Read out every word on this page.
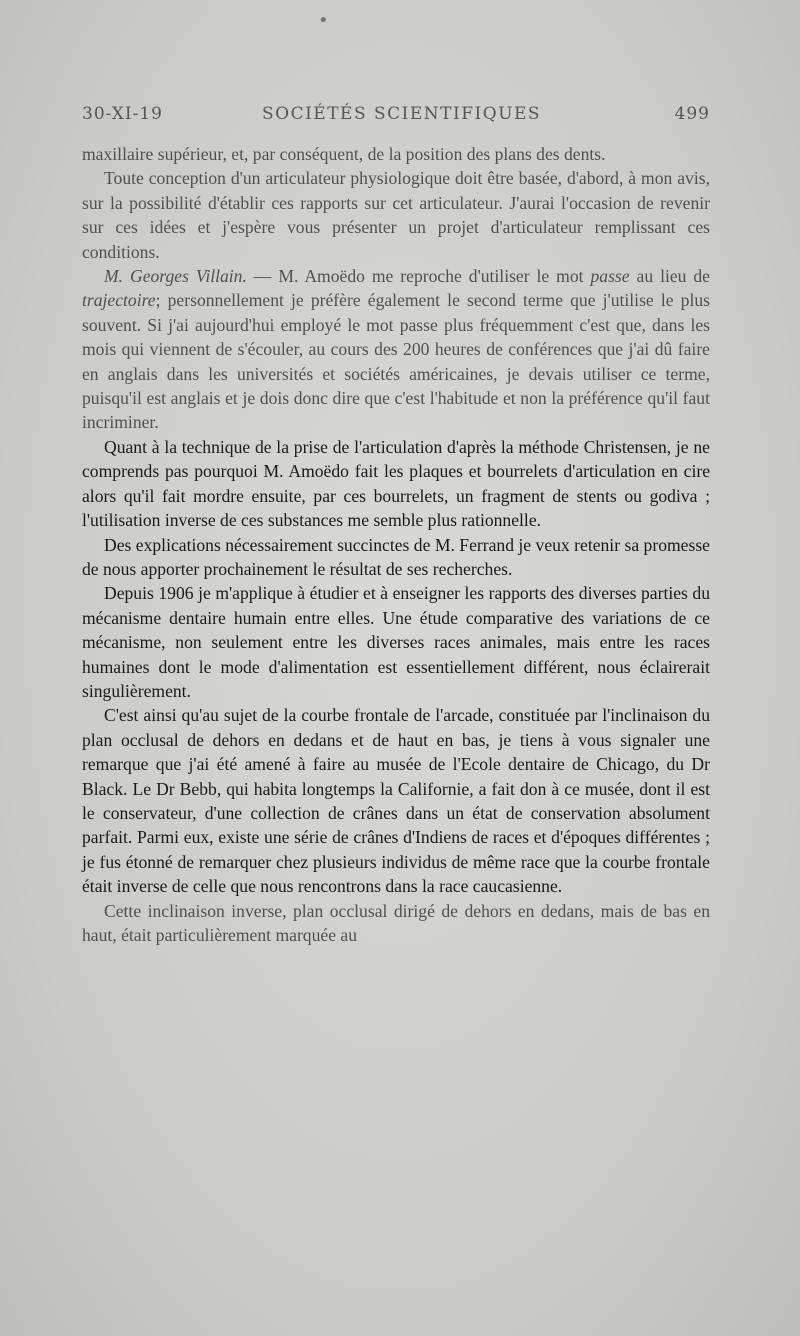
•
30-XI-19	SOCIÉTÉS SCIENTIFIQUES	499

maxillaire supérieur, et, par conséquent, de la position des plans des dents.

Toute conception d'un articulateur physiologique doit être basée, d'abord, à mon avis, sur la possibilité d'établir ces rapports sur cet articulateur. J'aurai l'occasion de revenir sur ces idées et j'espère vous présenter un projet d'articulateur remplissant ces conditions.

M. Georges Villain. — M. Amoëdo me reproche d'utiliser le mot passe au lieu de trajectoire; personnellement je préfère également le second terme que j'utilise le plus souvent. Si j'ai aujourd'hui employé le mot passe plus fréquemment c'est que, dans les mois qui viennent de s'écouler, au cours des 200 heures de conférences que j'ai dû faire en anglais dans les universités et sociétés américaines, je devais utiliser ce terme, puisqu'il est anglais et je dois donc dire que c'est l'habitude et non la préférence qu'il faut incriminer.

Quant à la technique de la prise de l'articulation d'après la méthode Christensen, je ne comprends pas pourquoi M. Amoëdo fait les plaques et bourrelets d'articulation en cire alors qu'il fait mordre ensuite, par ces bourrelets, un fragment de stents ou godiva ; l'utilisation inverse de ces substances me semble plus rationnelle.

Des explications nécessairement succinctes de M. Ferrand je veux retenir sa promesse de nous apporter prochainement le résultat de ses recherches.

Depuis 1906 je m'applique à étudier et à enseigner les rapports des diverses parties du mécanisme dentaire humain entre elles. Une étude comparative des variations de ce mécanisme, non seulement entre les diverses races animales, mais entre les races humaines dont le mode d'alimentation est essentiellement différent, nous éclairerait singulièrement.

C'est ainsi qu'au sujet de la courbe frontale de l'arcade, constituée par l'inclinaison du plan occlusal de dehors en dedans et de haut en bas, je tiens à vous signaler une remarque que j'ai été amené à faire au musée de l'Ecole dentaire de Chicago, du Dr Black. Le Dr Bebb, qui habita longtemps la Californie, a fait don à ce musée, dont il est le conservateur, d'une collection de crânes dans un état de conservation absolument parfait. Parmi eux, existe une série de crânes d'Indiens de races et d'époques différentes ; je fus étonné de remarquer chez plusieurs individus de même race que la courbe frontale était inverse de celle que nous rencontrons dans la race caucasienne.

Cette inclinaison inverse, plan occlusal dirigé de dehors en dedans, mais de bas en haut, était particulièrement marquée au
